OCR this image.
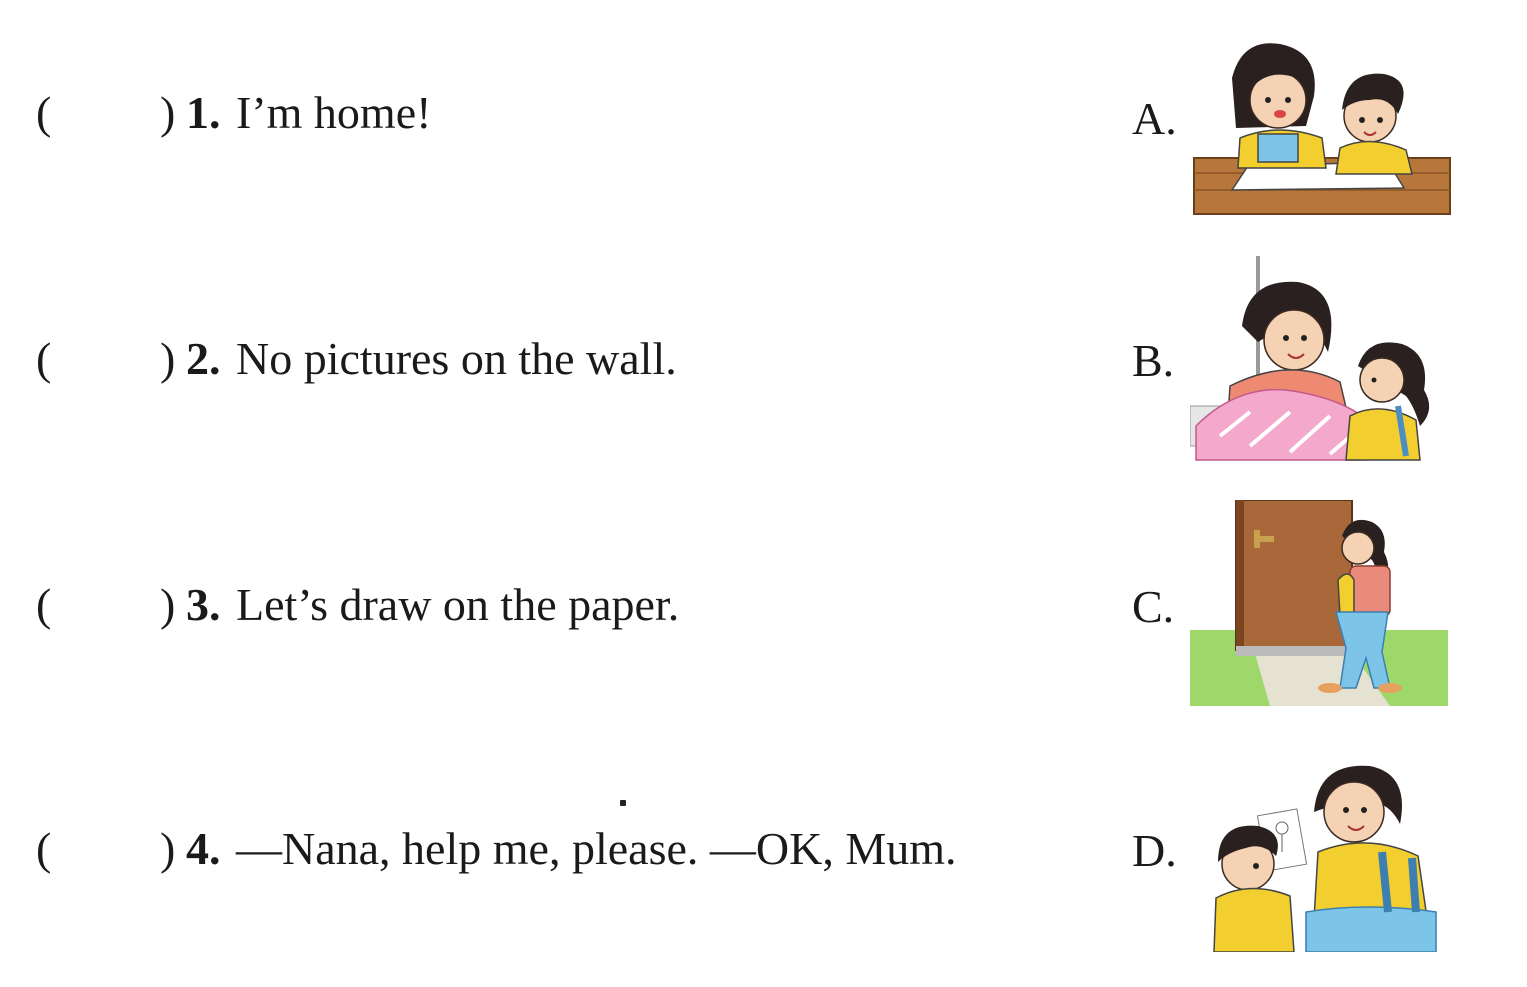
( ) 1. I’m home!	A.
( ) 2. No pictures on the wall.	B.
( ) 3. Let’s draw on the paper.	C.
( ) 4. —Nana, help me, please. —OK, Mum.	D.
